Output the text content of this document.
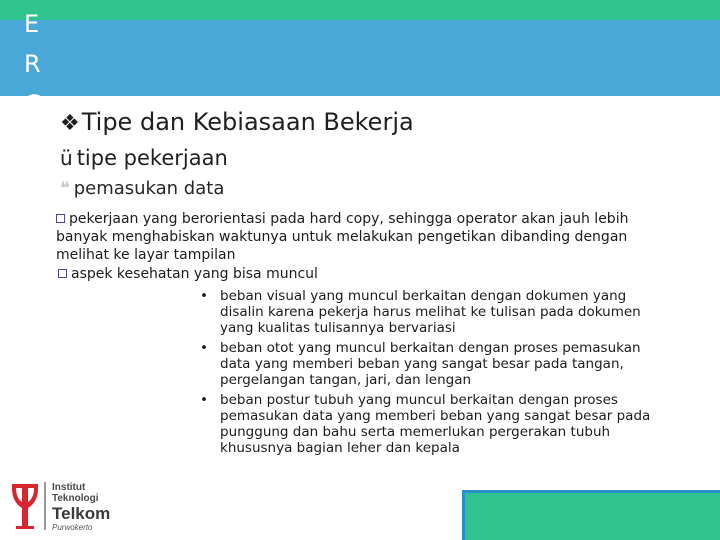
E
R
G
❖Tipe dan Kebiasaan Bekerja
ü tipe pekerjaan
❝ pemasukan data
pekerjaan yang berorientasi pada hard copy, sehingga operator akan jauh lebih banyak menghabiskan waktunya untuk melakukan pengetikan dibanding dengan melihat ke layar tampilan
aspek kesehatan yang bisa muncul
• beban visual yang muncul berkaitan dengan dokumen yang disalin karena pekerja harus melihat ke tulisan pada dokumen yang kualitas tulisannya bervariasi
• beban otot yang muncul berkaitan dengan proses pemasukan data yang memberi beban yang sangat besar pada tangan, pergelangan tangan, jari, dan lengan
• beban postur tubuh yang muncul berkaitan dengan proses pemasukan data yang memberi beban yang sangat besar pada punggung dan bahu serta memerlukan pergerakan tubuh khususnya bagian leher dan kepala
Institut
Teknologi
Telkom
Purwokerto
